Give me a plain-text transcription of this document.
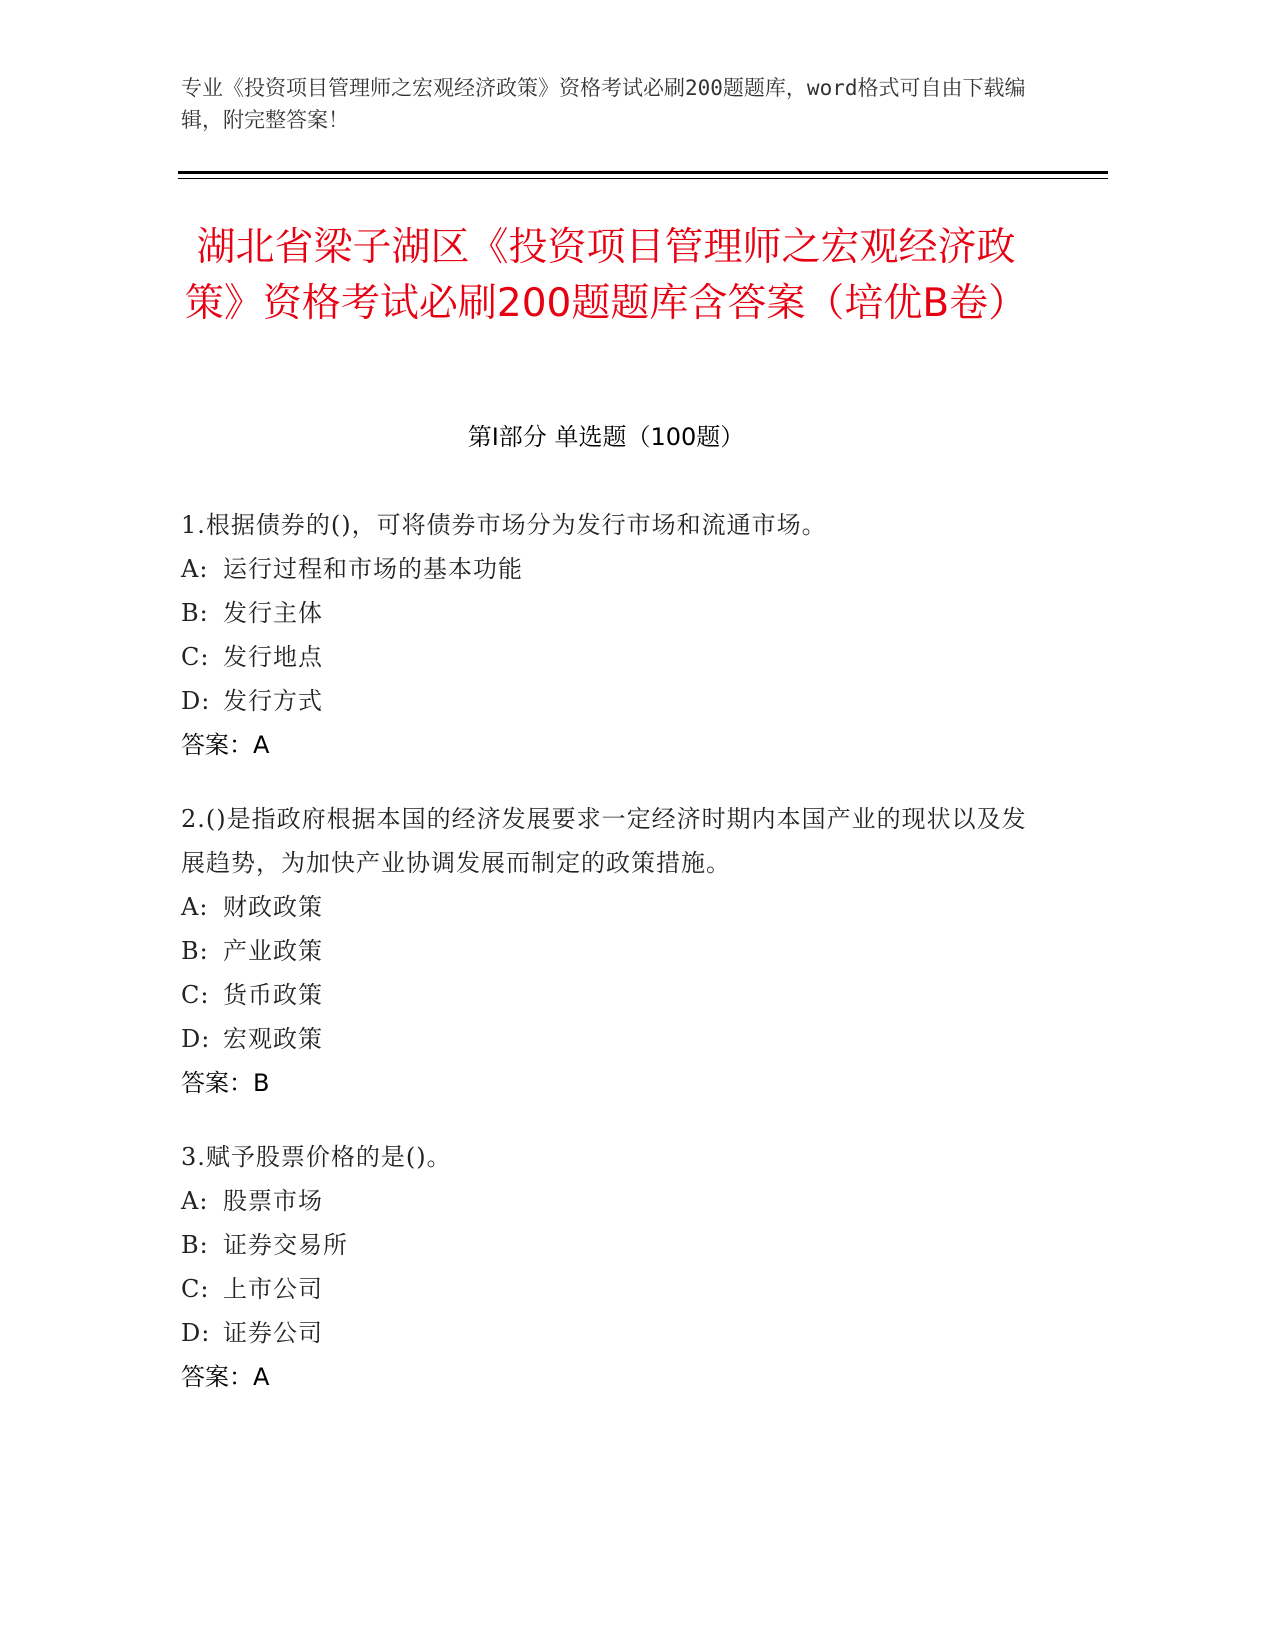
专业《投资项目管理师之宏观经济政策》资格考试必刷200题题库，word格式可自由下载编辑，附完整答案！
湖北省梁子湖区《投资项目管理师之宏观经济政策》资格考试必刷200题题库含答案（培优B卷）
第Ⅰ部分 单选题（100题）
1.根据债券的()，可将债券市场分为发行市场和流通市场。
A: 运行过程和市场的基本功能
B: 发行主体
C: 发行地点
D: 发行方式
答案：A
2.()是指政府根据本国的经济发展要求一定经济时期内本国产业的现状以及发展趋势，为加快产业协调发展而制定的政策措施。
A: 财政政策
B: 产业政策
C: 货币政策
D: 宏观政策
答案：B
3.赋予股票价格的是()。
A: 股票市场
B: 证券交易所
C: 上市公司
D: 证券公司
答案：A
